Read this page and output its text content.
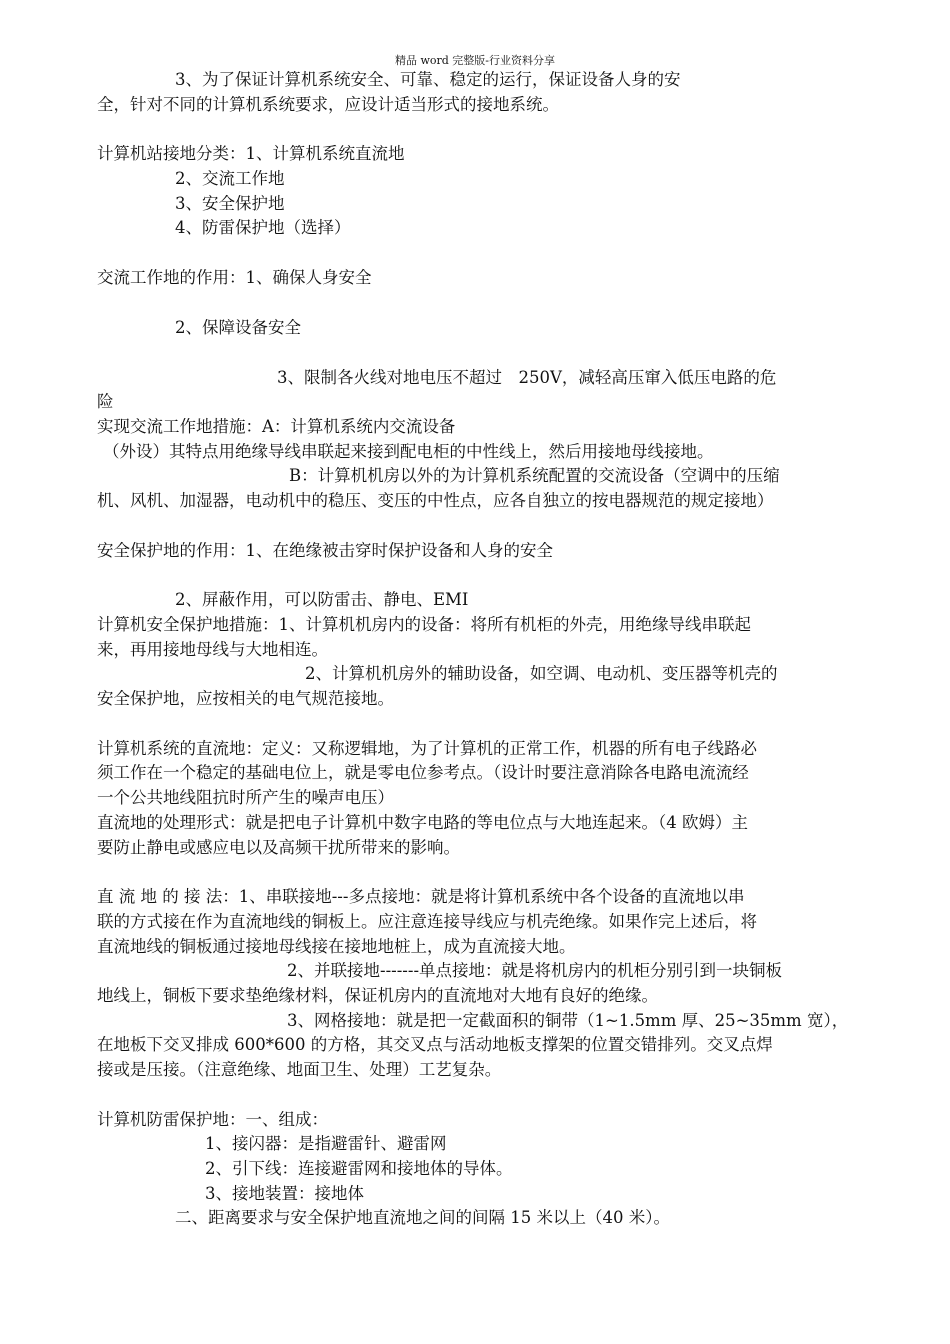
精品 word 完整版-行业资料分享
3、为了保证计算机系统安全、可靠、稳定的运行，保证设备人身的安
全，针对不同的计算机系统要求，应设计适当形式的接地系统。
计算机站接地分类：1、计算机系统直流地
2、交流工作地
3、安全保护地
4、防雷保护地（选择）
交流工作地的作用：1、确保人身安全
2、保障设备安全
3、限制各火线对地电压不超过　250V，减轻高压窜入低压电路的危
险
实现交流工作地措施：A：计算机系统内交流设备
（外设）其特点用绝缘导线串联起来接到配电柜的中性线上，然后用接地母线接地。
B：计算机机房以外的为计算机系统配置的交流设备（空调中的压缩
机、风机、加湿器，电动机中的稳压、变压的中性点，应各自独立的按电器规范的规定接地）
安全保护地的作用：1、在绝缘被击穿时保护设备和人身的安全
2、屏蔽作用，可以防雷击、静电、EMI
计算机安全保护地措施：1、计算机机房内的设备：将所有机柜的外壳，用绝缘导线串联起
来，再用接地母线与大地相连。
2、计算机机房外的辅助设备，如空调、电动机、变压器等机壳的
安全保护地，应按相关的电气规范接地。
计算机系统的直流地：定义：又称逻辑地，为了计算机的正常工作，机器的所有电子线路必
须工作在一个稳定的基础电位上，就是零电位参考点。（设计时要注意消除各电路电流流经
一个公共地线阻抗时所产生的噪声电压）
直流地的处理形式：就是把电子计算机中数字电路的等电位点与大地连起来。（4 欧姆）主
要防止静电或感应电以及高频干扰所带来的影响。
直 流 地 的 接 法：1、串联接地---多点接地：就是将计算机系统中各个设备的直流地以串
联的方式接在作为直流地线的铜板上。应注意连接导线应与机壳绝缘。如果作完上述后，将
直流地线的铜板通过接地母线接在接地地桩上，成为直流接大地。
2、并联接地-------单点接地：就是将机房内的机柜分别引到一块铜板
地线上，铜板下要求垫绝缘材料，保证机房内的直流地对大地有良好的绝缘。
3、网格接地：就是把一定截面积的铜带（1~1.5mm 厚、25~35mm 宽），
在地板下交叉排成 600*600 的方格，其交叉点与活动地板支撑架的位置交错排列。交叉点焊
接或是压接。（注意绝缘、地面卫生、处理）工艺复杂。
计算机防雷保护地：一、组成：
1、接闪器：是指避雷针、避雷网
2、引下线：连接避雷网和接地体的导体。
3、接地装置：接地体
二、距离要求与安全保护地直流地之间的间隔 15 米以上（40 米）。
